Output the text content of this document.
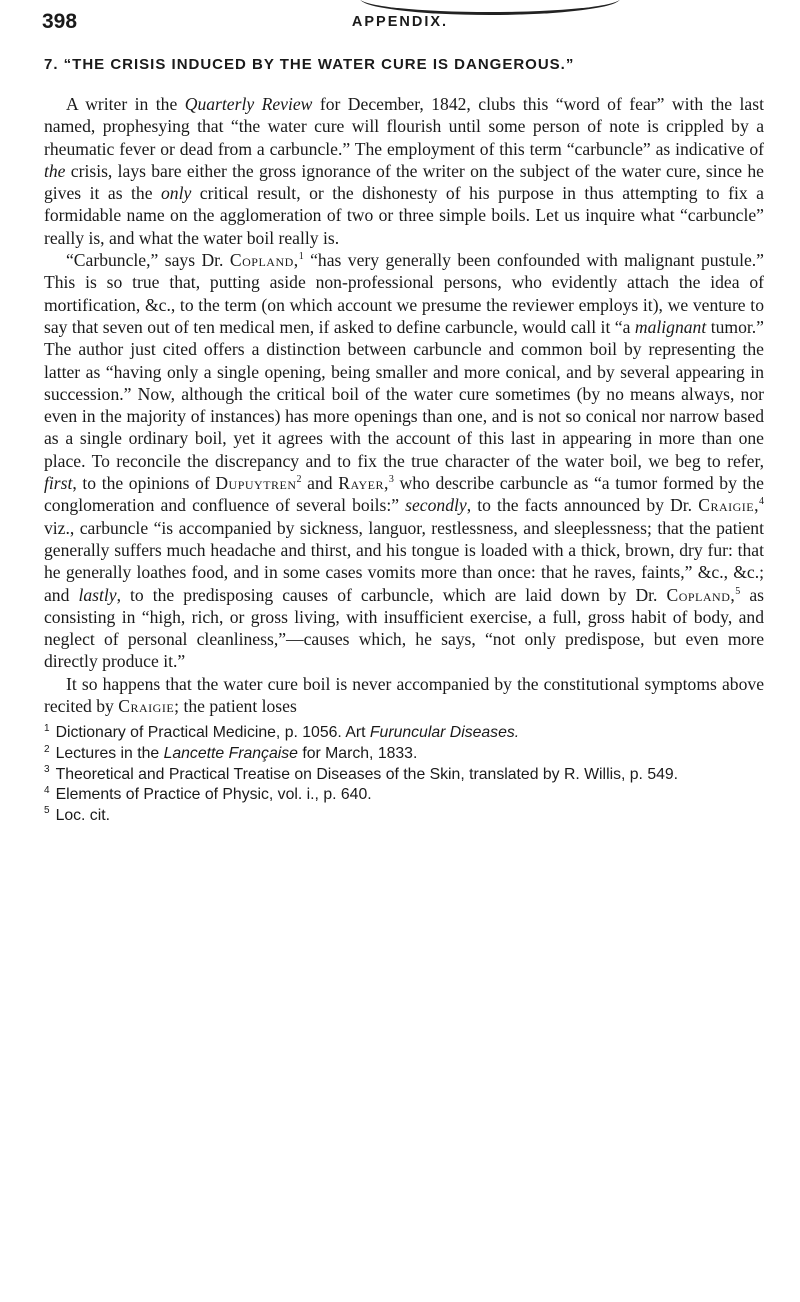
398	APPENDIX.
7. “THE CRISIS INDUCED BY THE WATER CURE IS DANGEROUS.”

A writer in the Quarterly Review for December, 1842, clubs this “word of fear” with the last named, prophesying that “the water cure will flourish until some person of note is crippled by a rheumatic fever or dead from a carbuncle.” The employment of this term “carbuncle” as indicative of the crisis, lays bare either the gross ignorance of the writer on the subject of the water cure, since he gives it as the only critical result, or the dishonesty of his purpose in thus attempting to fix a formidable name on the agglomeration of two or three simple boils. Let us inquire what “carbuncle” really is, and what the water boil really is.

“Carbuncle,” says Dr. Copland,$^1$ “has very generally been confounded with malignant pustule.” This is so true that, putting aside non-professional persons, who evidently attach the idea of mortification, &c., to the term (on which account we presume the reviewer employs it), we venture to say that seven out of ten medical men, if asked to define carbuncle, would call it “a malignant tumor.” The author just cited offers a distinction between carbuncle and common boil by representing the latter as “having only a single opening, being smaller and more conical, and by several appearing in succession.” Now, although the critical boil of the water cure sometimes (by no means always, nor even in the majority of instances) has more openings than one, and is not so conical nor narrow based as a single ordinary boil, yet it agrees with the account of this last in appearing in more than one place. To reconcile the discrepancy and to fix the true character of the water boil, we beg to refer, first, to the opinions of Dupuytren$^2$ and Rayer,$^3$ who describe carbuncle as “a tumor formed by the conglomeration and confluence of several boils:” secondly, to the facts announced by Dr. Craigie,$^4$ viz., carbuncle “is accompanied by sickness, languor, restlessness, and sleeplessness; that the patient generally suffers much headache and thirst, and his tongue is loaded with a thick, brown, dry fur: that he generally loathes food, and in some cases vomits more than once: that he raves, faints,” &c., &c.; and lastly, to the predisposing causes of carbuncle, which are laid down by Dr. Copland,$^5$ as consisting in “high, rich, or gross living, with insufficient exercise, a full, gross habit of body, and neglect of personal cleanliness,”—causes which, he says, “not only predispose, but even more directly produce it.”

It so happens that the water cure boil is never accompanied by the constitutional symptoms above recited by Craigie; the patient loses

$^1$ Dictionary of Practical Medicine, p. 1056. Art Furuncular Diseases.

$^2$ Lectures in the Lancette Française for March, 1833.

$^3$ Theoretical and Practical Treatise on Diseases of the Skin, translated by R. Willis, p. 549.

$^4$ Elements of Practice of Physic, vol. i., p. 640.

$^5$ Loc. cit.
